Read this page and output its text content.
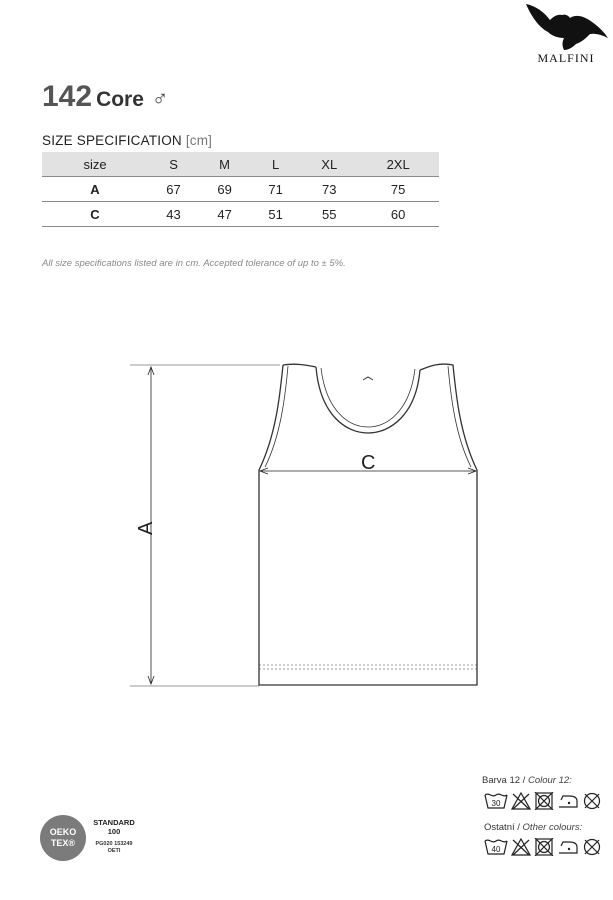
MALFINI
142 Core ♂
SIZE SPECIFICATION [cm]
size	S	M	L	XL	2XL
A	67	69	71	73	75
C	43	47	51	55	60
All size specifications listed are in cm. Accepted tolerance of up to ± 5%.
C
A
Barva 12 / Colour 12:
30
Ostatní / Other colours:
40
OEKO
TEX®
STANDARD
100
PG020 153249
OETI
